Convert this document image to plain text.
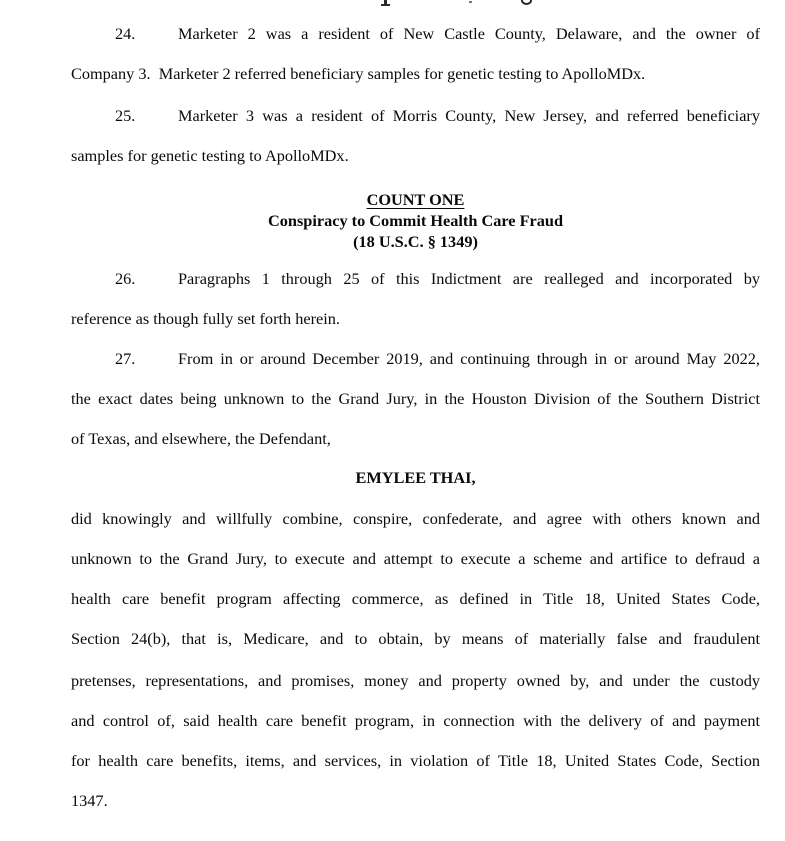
24.	Marketer 2 was a resident of New Castle County, Delaware, and the owner of
Company 3.  Marketer 2 referred beneficiary samples for genetic testing to ApolloMDx.
25.	Marketer 3 was a resident of Morris County, New Jersey, and referred beneficiary
samples for genetic testing to ApolloMDx.
COUNT ONE
Conspiracy to Commit Health Care Fraud
(18 U.S.C. § 1349)
26.	Paragraphs 1 through 25 of this Indictment are realleged and incorporated by
reference as though fully set forth herein.
27.	From in or around December 2019, and continuing through in or around May 2022,
the exact dates being unknown to the Grand Jury, in the Houston Division of the Southern District
of Texas, and elsewhere, the Defendant,
EMYLEE THAI,
did knowingly and willfully combine, conspire, confederate, and agree with others known and
unknown to the Grand Jury, to execute and attempt to execute a scheme and artifice to defraud a
health care benefit program affecting commerce, as defined in Title 18, United States Code,
Section 24(b), that is, Medicare, and to obtain, by means of materially false and fraudulent
pretenses, representations, and promises, money and property owned by, and under the custody
and control of, said health care benefit program, in connection with the delivery of and payment
for health care benefits, items, and services, in violation of Title 18, United States Code, Section
1347.
